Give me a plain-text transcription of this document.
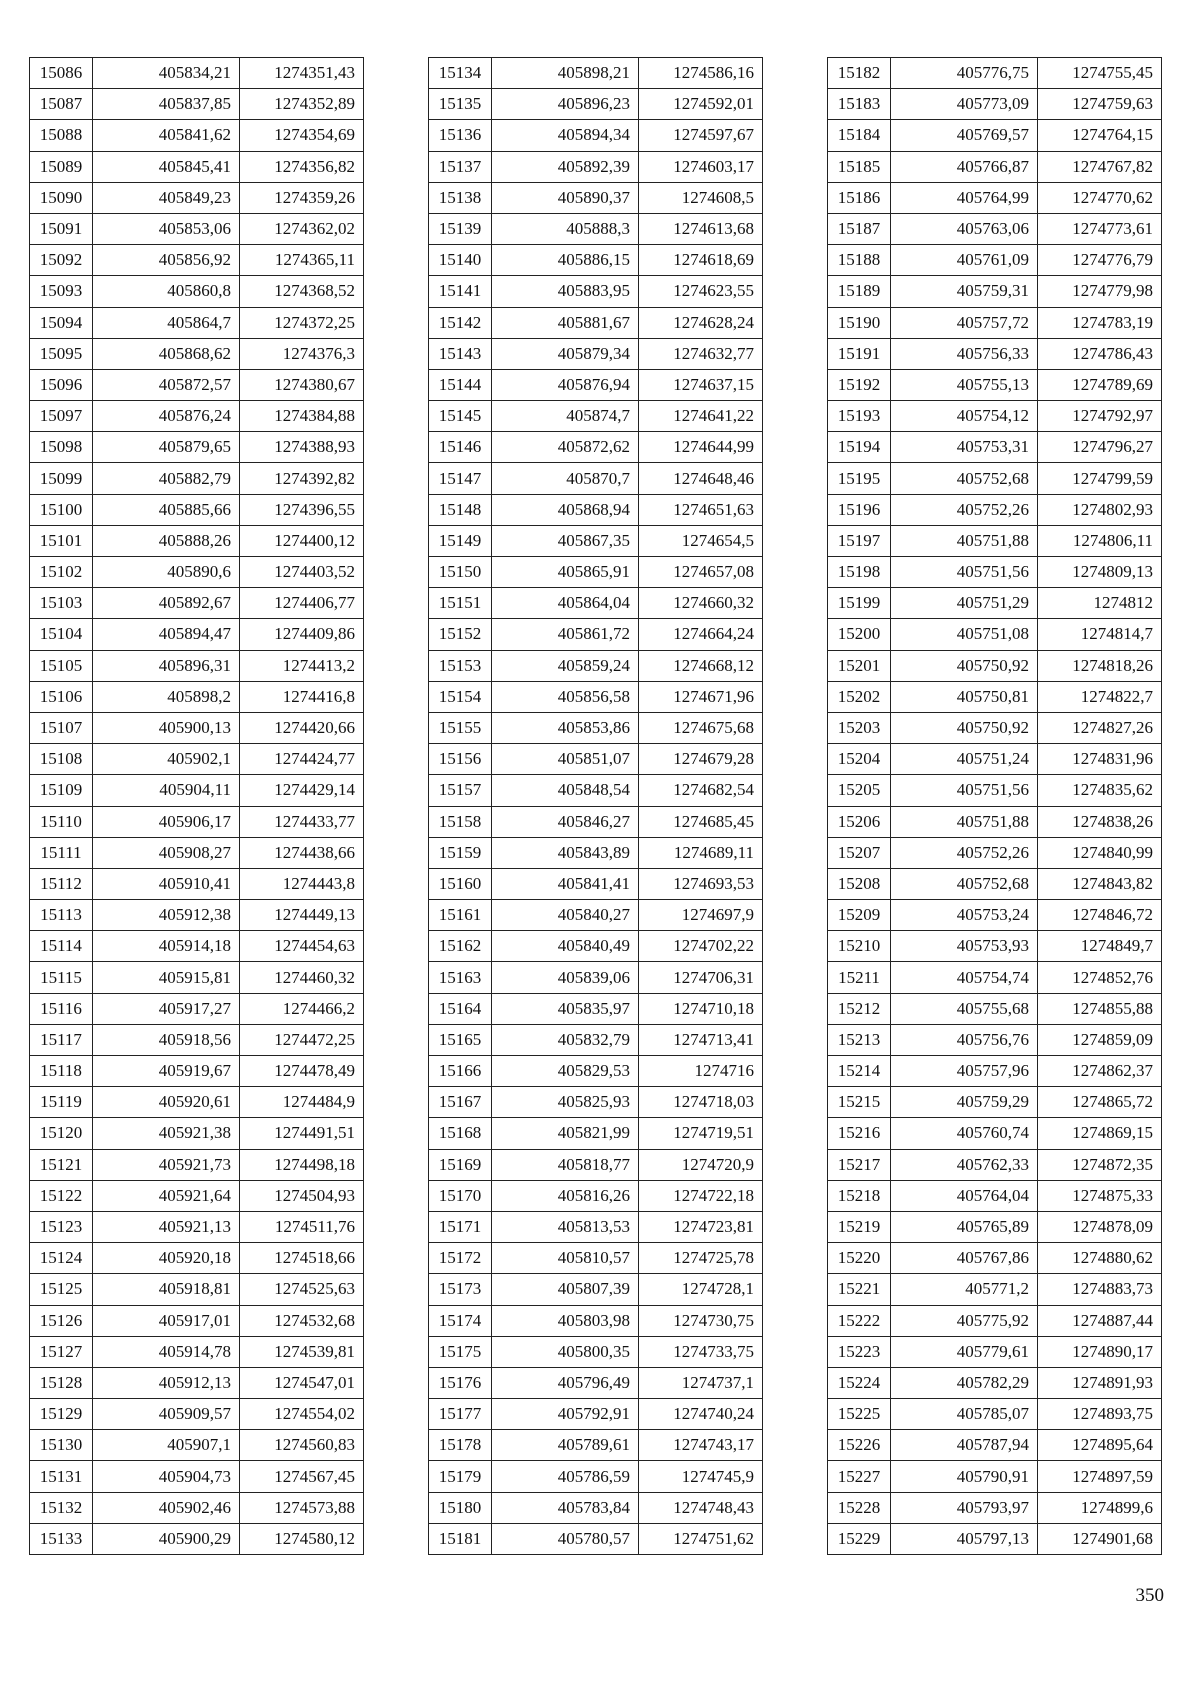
15086	405834,21	1274351,43
15087	405837,85	1274352,89
15088	405841,62	1274354,69
15089	405845,41	1274356,82
15090	405849,23	1274359,26
15091	405853,06	1274362,02
15092	405856,92	1274365,11
15093	405860,8	1274368,52
15094	405864,7	1274372,25
15095	405868,62	1274376,3
15096	405872,57	1274380,67
15097	405876,24	1274384,88
15098	405879,65	1274388,93
15099	405882,79	1274392,82
15100	405885,66	1274396,55
15101	405888,26	1274400,12
15102	405890,6	1274403,52
15103	405892,67	1274406,77
15104	405894,47	1274409,86
15105	405896,31	1274413,2
15106	405898,2	1274416,8
15107	405900,13	1274420,66
15108	405902,1	1274424,77
15109	405904,11	1274429,14
15110	405906,17	1274433,77
15111	405908,27	1274438,66
15112	405910,41	1274443,8
15113	405912,38	1274449,13
15114	405914,18	1274454,63
15115	405915,81	1274460,32
15116	405917,27	1274466,2
15117	405918,56	1274472,25
15118	405919,67	1274478,49
15119	405920,61	1274484,9
15120	405921,38	1274491,51
15121	405921,73	1274498,18
15122	405921,64	1274504,93
15123	405921,13	1274511,76
15124	405920,18	1274518,66
15125	405918,81	1274525,63
15126	405917,01	1274532,68
15127	405914,78	1274539,81
15128	405912,13	1274547,01
15129	405909,57	1274554,02
15130	405907,1	1274560,83
15131	405904,73	1274567,45
15132	405902,46	1274573,88
15133	405900,29	1274580,12
15134	405898,21	1274586,16
15135	405896,23	1274592,01
15136	405894,34	1274597,67
15137	405892,39	1274603,17
15138	405890,37	1274608,5
15139	405888,3	1274613,68
15140	405886,15	1274618,69
15141	405883,95	1274623,55
15142	405881,67	1274628,24
15143	405879,34	1274632,77
15144	405876,94	1274637,15
15145	405874,7	1274641,22
15146	405872,62	1274644,99
15147	405870,7	1274648,46
15148	405868,94	1274651,63
15149	405867,35	1274654,5
15150	405865,91	1274657,08
15151	405864,04	1274660,32
15152	405861,72	1274664,24
15153	405859,24	1274668,12
15154	405856,58	1274671,96
15155	405853,86	1274675,68
15156	405851,07	1274679,28
15157	405848,54	1274682,54
15158	405846,27	1274685,45
15159	405843,89	1274689,11
15160	405841,41	1274693,53
15161	405840,27	1274697,9
15162	405840,49	1274702,22
15163	405839,06	1274706,31
15164	405835,97	1274710,18
15165	405832,79	1274713,41
15166	405829,53	1274716
15167	405825,93	1274718,03
15168	405821,99	1274719,51
15169	405818,77	1274720,9
15170	405816,26	1274722,18
15171	405813,53	1274723,81
15172	405810,57	1274725,78
15173	405807,39	1274728,1
15174	405803,98	1274730,75
15175	405800,35	1274733,75
15176	405796,49	1274737,1
15177	405792,91	1274740,24
15178	405789,61	1274743,17
15179	405786,59	1274745,9
15180	405783,84	1274748,43
15181	405780,57	1274751,62
15182	405776,75	1274755,45
15183	405773,09	1274759,63
15184	405769,57	1274764,15
15185	405766,87	1274767,82
15186	405764,99	1274770,62
15187	405763,06	1274773,61
15188	405761,09	1274776,79
15189	405759,31	1274779,98
15190	405757,72	1274783,19
15191	405756,33	1274786,43
15192	405755,13	1274789,69
15193	405754,12	1274792,97
15194	405753,31	1274796,27
15195	405752,68	1274799,59
15196	405752,26	1274802,93
15197	405751,88	1274806,11
15198	405751,56	1274809,13
15199	405751,29	1274812
15200	405751,08	1274814,7
15201	405750,92	1274818,26
15202	405750,81	1274822,7
15203	405750,92	1274827,26
15204	405751,24	1274831,96
15205	405751,56	1274835,62
15206	405751,88	1274838,26
15207	405752,26	1274840,99
15208	405752,68	1274843,82
15209	405753,24	1274846,72
15210	405753,93	1274849,7
15211	405754,74	1274852,76
15212	405755,68	1274855,88
15213	405756,76	1274859,09
15214	405757,96	1274862,37
15215	405759,29	1274865,72
15216	405760,74	1274869,15
15217	405762,33	1274872,35
15218	405764,04	1274875,33
15219	405765,89	1274878,09
15220	405767,86	1274880,62
15221	405771,2	1274883,73
15222	405775,92	1274887,44
15223	405779,61	1274890,17
15224	405782,29	1274891,93
15225	405785,07	1274893,75
15226	405787,94	1274895,64
15227	405790,91	1274897,59
15228	405793,97	1274899,6
15229	405797,13	1274901,68
350
